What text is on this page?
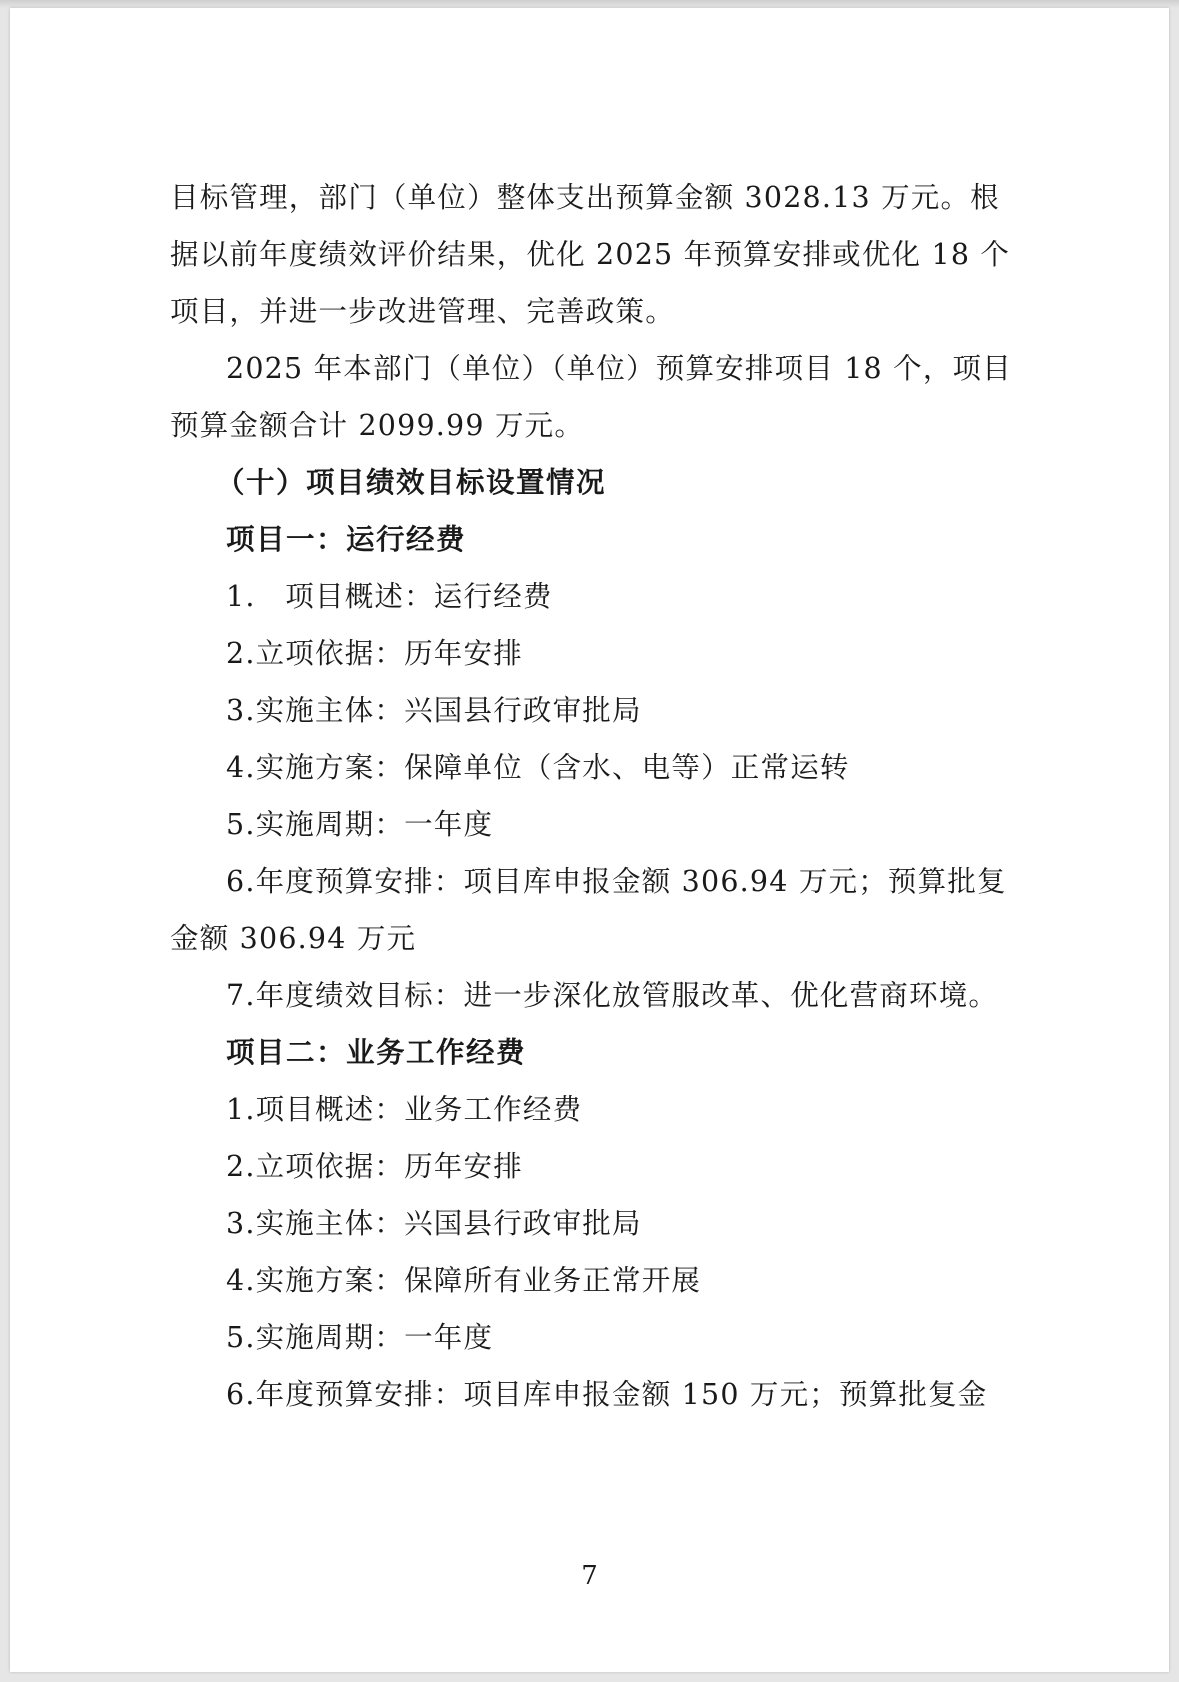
目标管理，部门（单位）整体支出预算金额 3028.13 万元。根
据以前年度绩效评价结果，优化 2025 年预算安排或优化 18 个
项目，并进一步改进管理、完善政策。
2025 年本部门（单位）（单位）预算安排项目 18 个，项目
预算金额合计 2099.99 万元。
（十）项目绩效目标设置情况
项目一：运行经费
1.　项目概述：运行经费
2.立项依据：历年安排
3.实施主体：兴国县行政审批局
4.实施方案：保障单位（含水、电等）正常运转
5.实施周期：一年度
6.年度预算安排：项目库申报金额 306.94 万元；预算批复
金额 306.94 万元
7.年度绩效目标：进一步深化放管服改革、优化营商环境。
项目二：业务工作经费
1.项目概述：业务工作经费
2.立项依据：历年安排
3.实施主体：兴国县行政审批局
4.实施方案：保障所有业务正常开展
5.实施周期：一年度
6.年度预算安排：项目库申报金额 150 万元；预算批复金
7
